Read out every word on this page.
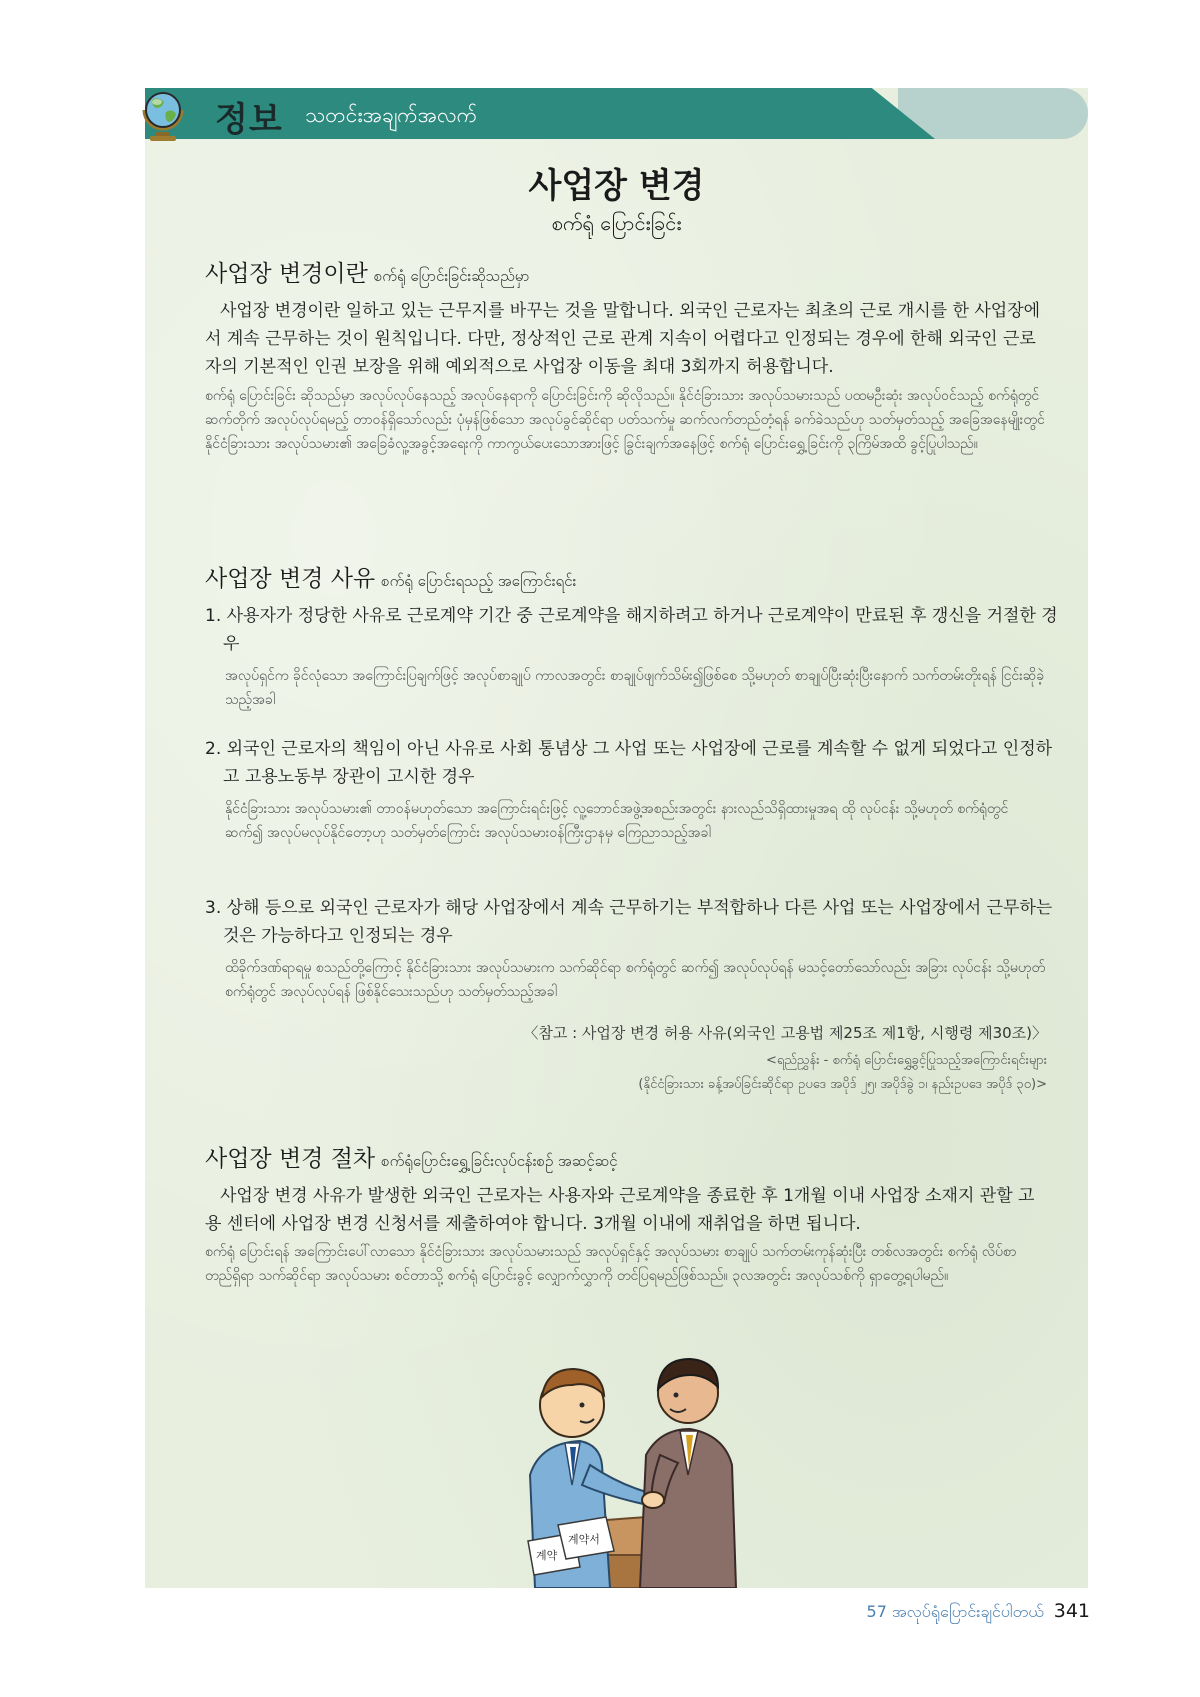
정보 သတင်းအချက်အလက်
사업장 변경
စက်ရုံ ပြောင်းခြင်း
사업장 변경이란 စက်ရုံ ပြောင်းခြင်းဆိုသည်မှာ
사업장 변경이란 일하고 있는 근무지를 바꾸는 것을 말합니다. 외국인 근로자는 최초의 근로 개시를 한 사업장에서 계속 근무하는 것이 원칙입니다. 다만, 정상적인 근로 관계 지속이 어렵다고 인정되는 경우에 한해 외국인 근로자의 기본적인 인권 보장을 위해 예외적으로 사업장 이동을 최대 3회까지 허용합니다.
စက်ရုံ ပြောင်းခြင်း ဆိုသည်မှာ အလုပ်လုပ်နေသည့် အလုပ်နေရာကို ပြောင်းခြင်းကို ဆိုလိုသည်။ နိုင်ငံခြားသား အလုပ်သမားသည် ပထမဦးဆုံး အလုပ်ဝင်သည့် စက်ရုံတွင် ဆက်တိုက် အလုပ်လုပ်ရမည့် တာဝန်ရှိသော်လည်း ပုံမှန်ဖြစ်သော အလုပ်ခွင်ဆိုင်ရာ ပတ်သက်မှု ဆက်လက်တည်တံ့ရန် ခက်ခဲသည်ဟု သတ်မှတ်သည့် အခြေအနေမျိုးတွင် နိုင်ငံခြားသား အလုပ်သမား၏ အခြေခံလူ့အခွင့်အရေးကို ကာကွယ်ပေးသောအားဖြင့် ခြွင်းချက်အနေဖြင့် စက်ရုံ ပြောင်းရွှေ့ခြင်းကို ၃ကြိမ်အထိ ခွင့်ပြုပါသည်။
사업장 변경 사유 စက်ရုံ ပြောင်းရသည့် အကြောင်းရင်း
1. 사용자가 정당한 사유로 근로계약 기간 중 근로계약을 해지하려고 하거나 근로계약이 만료된 후 갱신을 거절한 경우
အလုပ်ရှင်က ခိုင်လုံသော အကြောင်းပြချက်ဖြင့် အလုပ်စာချုပ် ကာလအတွင်း စာချုပ်ဖျက်သိမ်း၍ဖြစ်စေ သို့မဟုတ် စာချုပ်ပြီးဆုံးပြီးနောက် သက်တမ်းတိုးရန် ငြင်းဆိုခဲ့သည့်အခါ
2. 외국인 근로자의 책임이 아닌 사유로 사회 통념상 그 사업 또는 사업장에 근로를 계속할 수 없게 되었다고 인정하고 고용노동부 장관이 고시한 경우
နိုင်ငံခြားသား အလုပ်သမား၏ တာဝန်မဟုတ်သော အကြောင်းရင်းဖြင့် လူ့ဘောင်အဖွဲ့အစည်းအတွင်း နားလည်သိရှိထားမှုအရ ထို လုပ်ငန်း သို့မဟုတ် စက်ရုံတွင် ဆက်၍ အလုပ်မလုပ်နိုင်တော့ဟု သတ်မှတ်ကြောင်း အလုပ်သမားဝန်ကြီးဌာနမှ ကြေညာသည့်အခါ
3. 상해 등으로 외국인 근로자가 해당 사업장에서 계속 근무하기는 부적합하나 다른 사업 또는 사업장에서 근무하는 것은 가능하다고 인정되는 경우
ထိခိုက်ဒဏ်ရာရမှု စသည်တို့ကြောင့် နိုင်ငံခြားသား အလုပ်သမားက သက်ဆိုင်ရာ စက်ရုံတွင် ဆက်၍ အလုပ်လုပ်ရန် မသင့်တော်သော်လည်း အခြား လုပ်ငန်း သို့မဟုတ် စက်ရုံတွင် အလုပ်လုပ်ရန် ဖြစ်နိုင်သေးသည်ဟု သတ်မှတ်သည့်အခါ
〈참고 : 사업장 변경 허용 사유(외국인 고용법 제25조 제1항, 시행령 제30조)〉
<ရည်ညွှန်း - စက်ရုံ ပြောင်းရွှေ့ခွင့်ပြုသည့်အကြောင်းရင်းများ
(နိုင်ငံခြားသား ခန့်အပ်ခြင်းဆိုင်ရာ ဥပဒေ အပိုဒ် ၂၅၊ အပိုဒ်ခွဲ ၁၊ နည်းဥပဒေ အပိုဒ် ၃၀)>
사업장 변경 절차 စက်ရုံပြောင်းရွှေ့ခြင်းလုပ်ငန်းစဉ် အဆင့်ဆင့်
사업장 변경 사유가 발생한 외국인 근로자는 사용자와 근로계약을 종료한 후 1개월 이내 사업장 소재지 관할 고용 센터에 사업장 변경 신청서를 제출하여야 합니다. 3개월 이내에 재취업을 하면 됩니다.
စက်ရုံ ပြောင်းရန် အကြောင်းပေါ်လာသော နိုင်ငံခြားသား အလုပ်သမားသည် အလုပ်ရှင်နှင့် အလုပ်သမား စာချုပ် သက်တမ်းကုန်ဆုံးပြီး တစ်လအတွင်း စက်ရုံ လိပ်စာတည်ရှိရာ သက်ဆိုင်ရာ အလုပ်သမား စင်တာသို့ စက်ရုံ ပြောင်းခွင့် လျှောက်လွှာကို တင်ပြရမည်ဖြစ်သည်။ ၃လအတွင်း အလုပ်သစ်ကို ရှာတွေ့ရပါမည်။
계약
계약서
57 အလုပ်ရုံပြောင်းချင်ပါတယ် 341
